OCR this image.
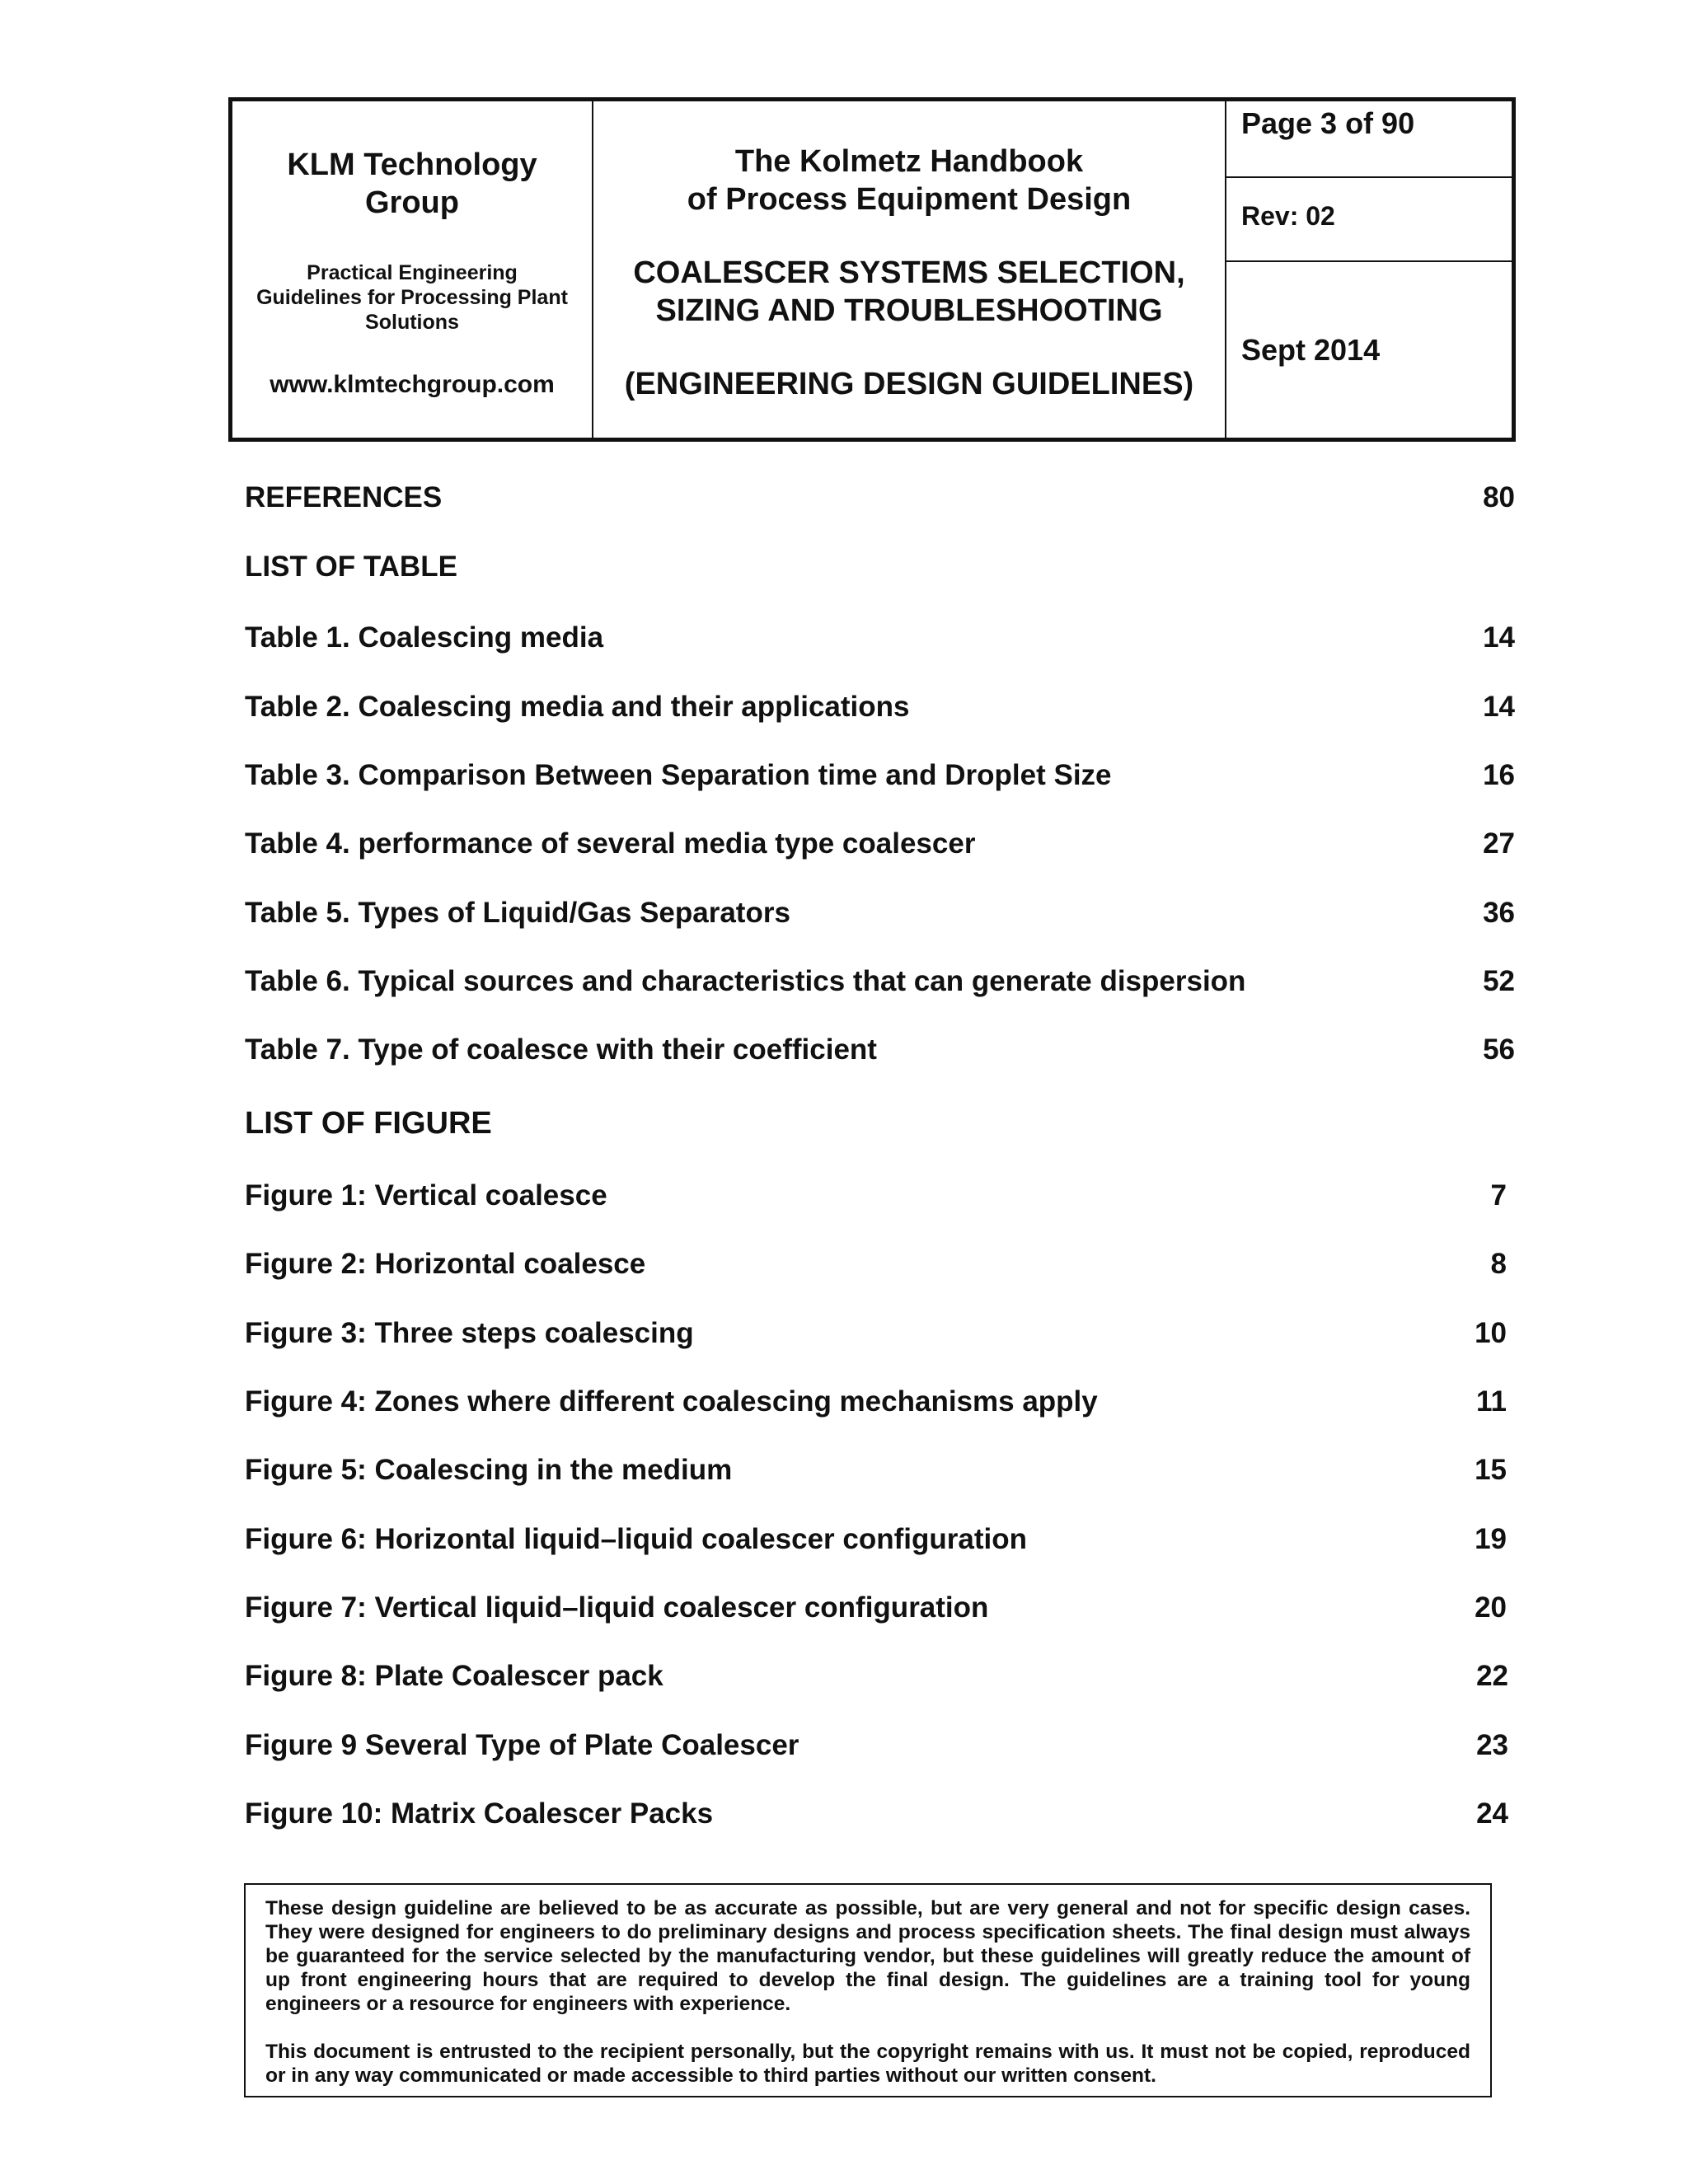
KLM Technology
Group
Practical Engineering
Guidelines for Processing Plant
Solutions
www.klmtechgroup.com
The Kolmetz Handbook
of Process Equipment Design
COALESCER SYSTEMS SELECTION,
SIZING AND TROUBLESHOOTING
(ENGINEERING DESIGN GUIDELINES)
Page 3 of 90
Rev: 02
Sept 2014
REFERENCES	80
LIST OF TABLE
Table 1. Coalescing media	14
Table 2. Coalescing media and their applications	14
Table 3. Comparison Between Separation time and Droplet Size	16
Table 4. performance of several media type coalescer	27
Table 5. Types of Liquid/Gas Separators	36
Table 6. Typical sources and characteristics that can generate dispersion	52
Table 7. Type of coalesce with their coefficient	56
LIST OF FIGURE
Figure 1: Vertical coalesce	7
Figure 2: Horizontal coalesce	8
Figure 3: Three steps coalescing	10
Figure 4: Zones where different coalescing mechanisms apply	11
Figure 5: Coalescing in the medium	15
Figure 6: Horizontal liquid–liquid coalescer configuration	19
Figure 7: Vertical liquid–liquid coalescer configuration	20
Figure 8: Plate Coalescer pack	22
Figure 9 Several Type of Plate Coalescer	23
Figure 10: Matrix Coalescer Packs	24

These design guideline are believed to be as accurate as possible, but are very general and not for specific design cases. They were designed for engineers to do preliminary designs and process specification sheets. The final design must always be guaranteed for the service selected by the manufacturing vendor, but these guidelines will greatly reduce the amount of up front engineering hours that are required to develop the final design. The guidelines are a training tool for young engineers or a resource for engineers with experience.

This document is entrusted to the recipient personally, but the copyright remains with us. It must not be copied, reproduced or in any way communicated or made accessible to third parties without our written consent.
